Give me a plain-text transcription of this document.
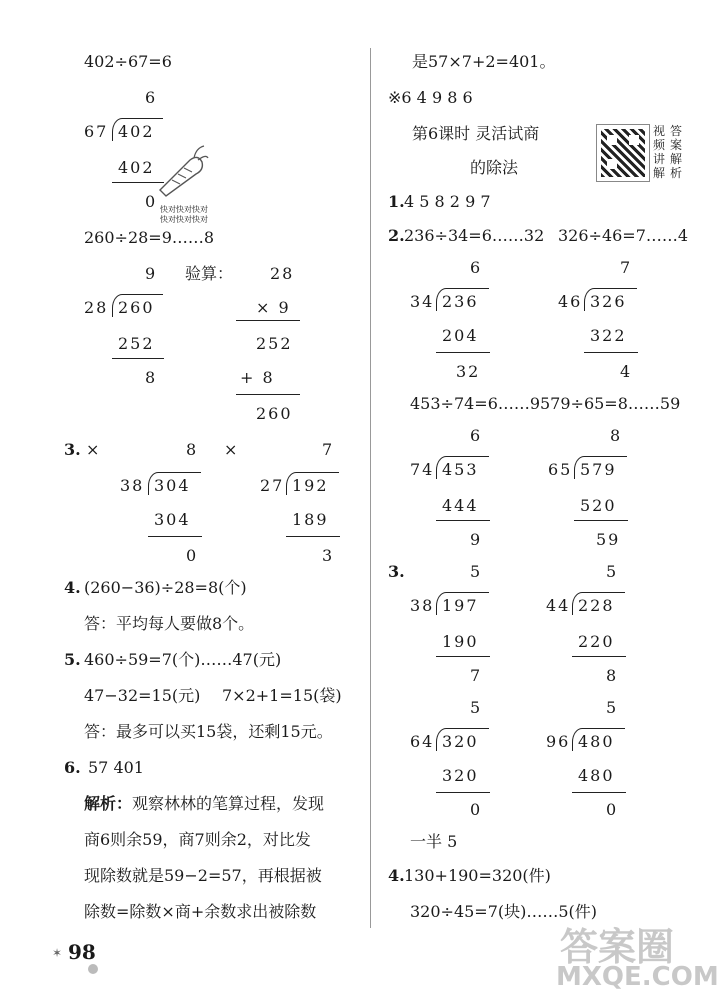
402÷67=6
6
67 402
402
0 快对快对快对
快对快对快对
260÷28=9……8
9 验算： 28
28 260	× 9
252	252
8	+ 8
260
3. ×	×
8
38 304
304
0
7
27 192
189
3
4. (260−36)÷28=8(个)
答：平均每人要做8个。
5. 460÷59=7(个)……47(元)
47−32=15(元) 7×2+1=15(袋)
答：最多可以买15袋，还剩15元。
6. 57 401
解析：观察林林的笔算过程，发现
商6则余59，商7则余2，对比发
现除数就是59−2=57，再根据被
除数=除数×商+余数求出被除数
✶ 98
是57×7+2=401。
※6 4 9 8 6
第6课时 灵活试商
的除法
视频讲解
答案解析
1. 4 5 8 2 9 7
2. 236÷34=6……32 326÷46=7……4
6
34 236
204
32
7
46 326
322
4
453÷74=6……9 579÷65=8……59
6
74 453
444
9
8
65 579
520
59
3.	5
38 197
190
7
5
44 228
220
8
5
64 320
320
0
5
96 480
480
0
一半 5
4. 130+190=320(件)
320÷45=7(块)……5(件)
答案圈
MXQE.COM
